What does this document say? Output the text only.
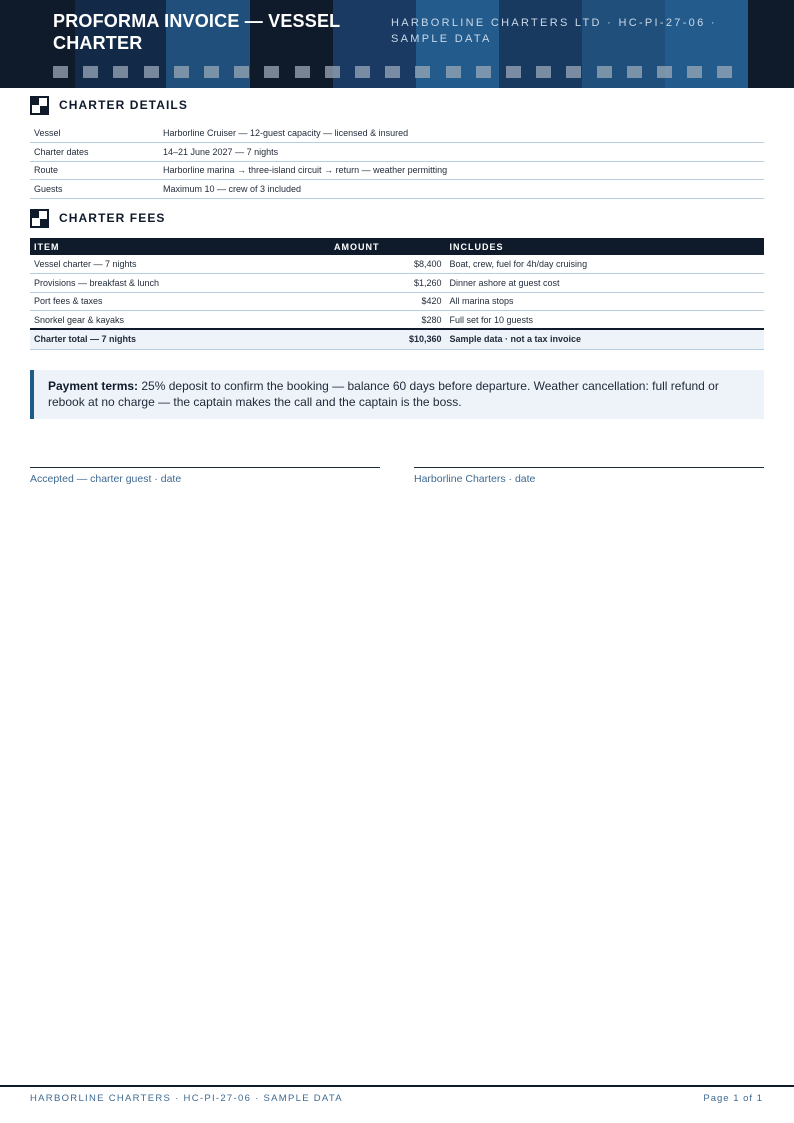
PROFORMA INVOICE — VESSEL CHARTER
HARBORLINE CHARTERS LTD · HC-PI-27-06 · SAMPLE DATA
CHARTER DETAILS
Vessel	Harborline Cruiser — 12-guest capacity — licensed & insured
Charter dates	14–21 June 2027 — 7 nights
Route	Harborline marina → three-island circuit → return — weather permitting
Guests	Maximum 10 — crew of 3 included
CHARTER FEES
ITEM	AMOUNT	INCLUDES
Vessel charter — 7 nights	$8,400	Boat, crew, fuel for 4h/day cruising
Provisions — breakfast & lunch	$1,260	Dinner ashore at guest cost
Port fees & taxes	$420	All marina stops
Snorkel gear & kayaks	$280	Full set for 10 guests
Charter total — 7 nights	$10,360	Sample data · not a tax invoice
Payment terms: 25% deposit to confirm the booking — balance 60 days before departure. Weather cancellation: full refund or rebook at no charge — the captain makes the call and the captain is the boss.
Accepted — charter guest · date	Harborline Charters · date
HARBORLINE CHARTERS · HC-PI-27-06 · SAMPLE DATA	Page 1 of 1
